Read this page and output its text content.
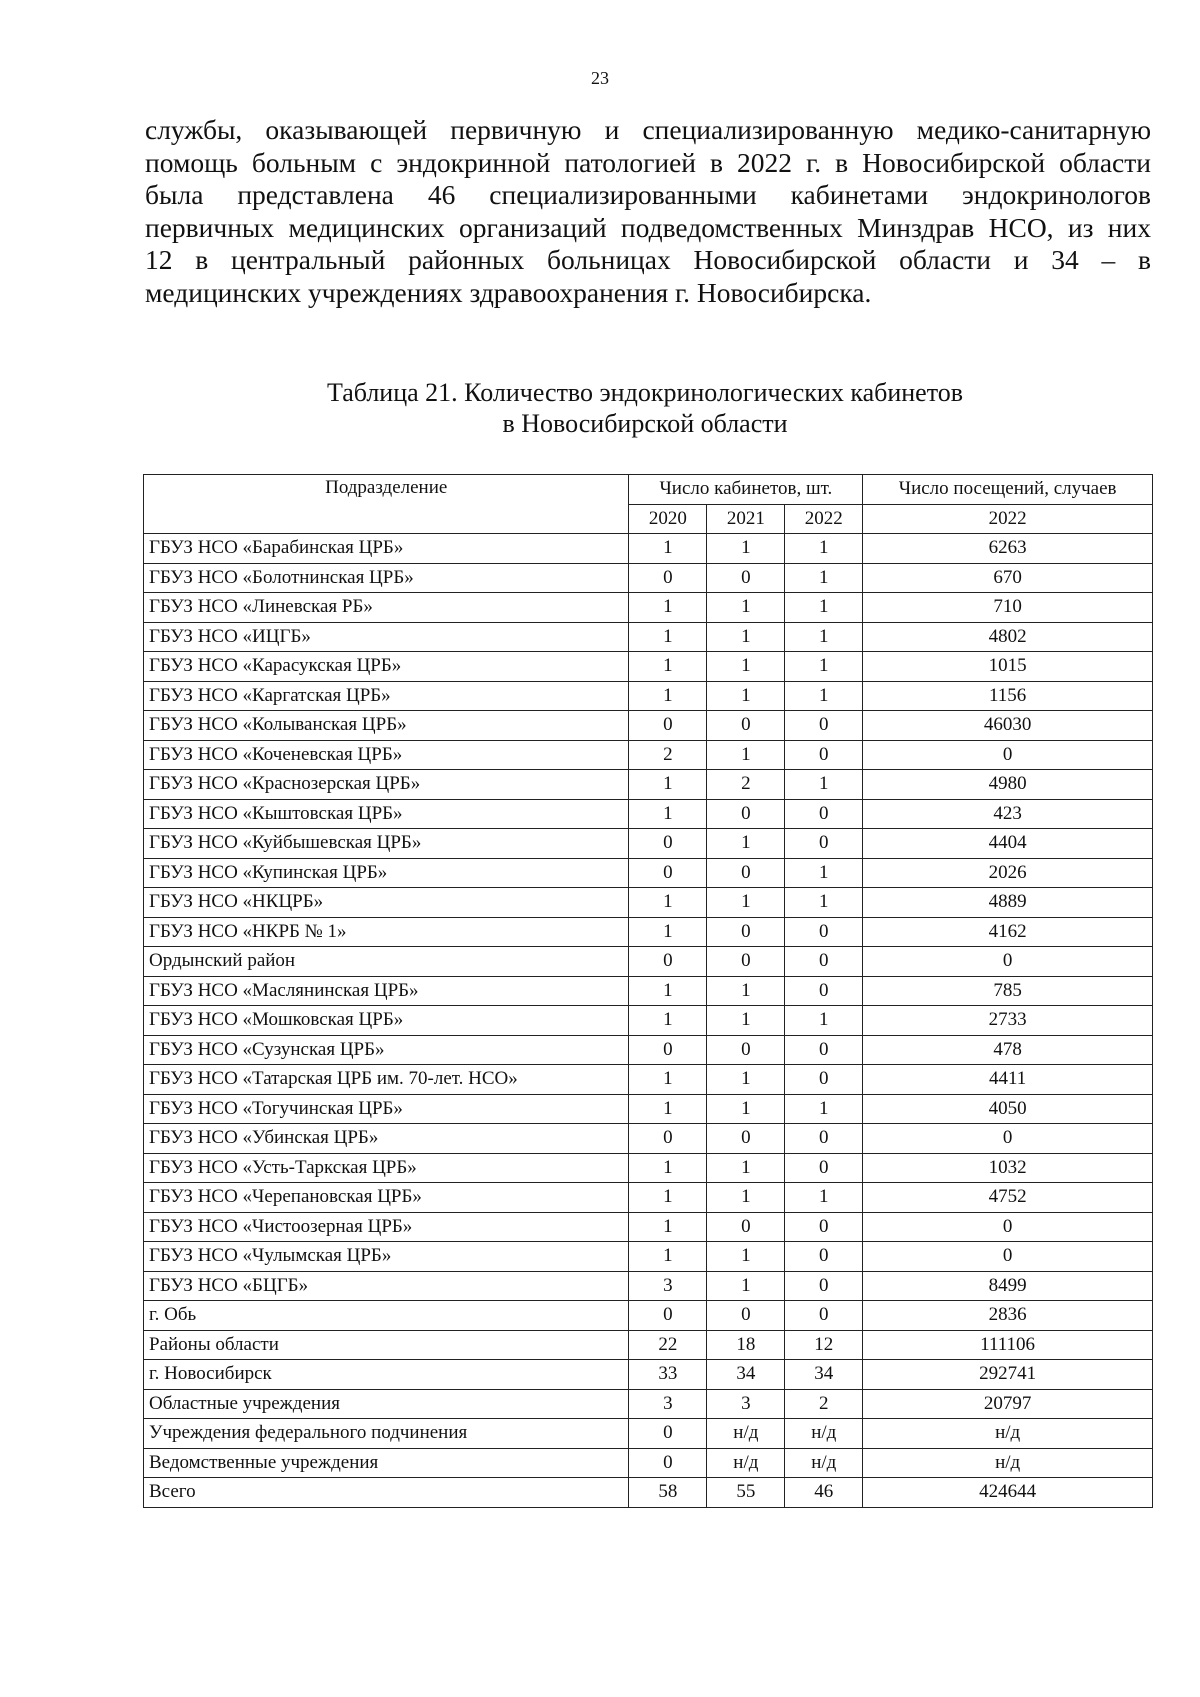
23
службы, оказывающей первичную и специализированную медико-санитарную
помощь больным с эндокринной патологией в 2022 г. в Новосибирской области
была представлена 46 специализированными кабинетами эндокринологов
первичных медицинских организаций подведомственных Минздрав НСО, из них
12 в центральный районных больницах Новосибирской области и 34 – в
медицинских учреждениях здравоохранения г. Новосибирска.
Таблица 21. Количество эндокринологических кабинетов
в Новосибирской области
Подразделение	Число кабинетов, шт.			Число посещений, случаев
	2020	2021	2022	2022
ГБУЗ НСО «Барабинская ЦРБ»	1	1	1	6263
ГБУЗ НСО «Болотнинская ЦРБ»	0	0	1	670
ГБУЗ НСО «Линевская РБ»	1	1	1	710
ГБУЗ НСО «ИЦГБ»	1	1	1	4802
ГБУЗ НСО «Карасукская ЦРБ»	1	1	1	1015
ГБУЗ НСО «Каргатская ЦРБ»	1	1	1	1156
ГБУЗ НСО «Колыванская ЦРБ»	0	0	0	46030
ГБУЗ НСО «Коченевская ЦРБ»	2	1	0	0
ГБУЗ НСО «Краснозерская ЦРБ»	1	2	1	4980
ГБУЗ НСО «Кыштовская ЦРБ»	1	0	0	423
ГБУЗ НСО «Куйбышевская ЦРБ»	0	1	0	4404
ГБУЗ НСО «Купинская ЦРБ»	0	0	1	2026
ГБУЗ НСО «НКЦРБ»	1	1	1	4889
ГБУЗ НСО «НКРБ № 1»	1	0	0	4162
Ордынский район	0	0	0	0
ГБУЗ НСО «Маслянинская ЦРБ»	1	1	0	785
ГБУЗ НСО «Мошковская ЦРБ»	1	1	1	2733
ГБУЗ НСО «Сузунская ЦРБ»	0	0	0	478
ГБУЗ НСО «Татарская ЦРБ им. 70-лет. НСО»	1	1	0	4411
ГБУЗ НСО «Тогучинская ЦРБ»	1	1	1	4050
ГБУЗ НСО «Убинская ЦРБ»	0	0	0	0
ГБУЗ НСО «Усть-Таркская ЦРБ»	1	1	0	1032
ГБУЗ НСО «Черепановская ЦРБ»	1	1	1	4752
ГБУЗ НСО «Чистоозерная ЦРБ»	1	0	0	0
ГБУЗ НСО «Чулымская ЦРБ»	1	1	0	0
ГБУЗ НСО «БЦГБ»	3	1	0	8499
г. Обь	0	0	0	2836
Районы области	22	18	12	111106
г. Новосибирск	33	34	34	292741
Областные учреждения	3	3	2	20797
Учреждения федерального подчинения	0	н/д	н/д	н/д
Ведомственные учреждения	0	н/д	н/д	н/д
Всего	58	55	46	424644
